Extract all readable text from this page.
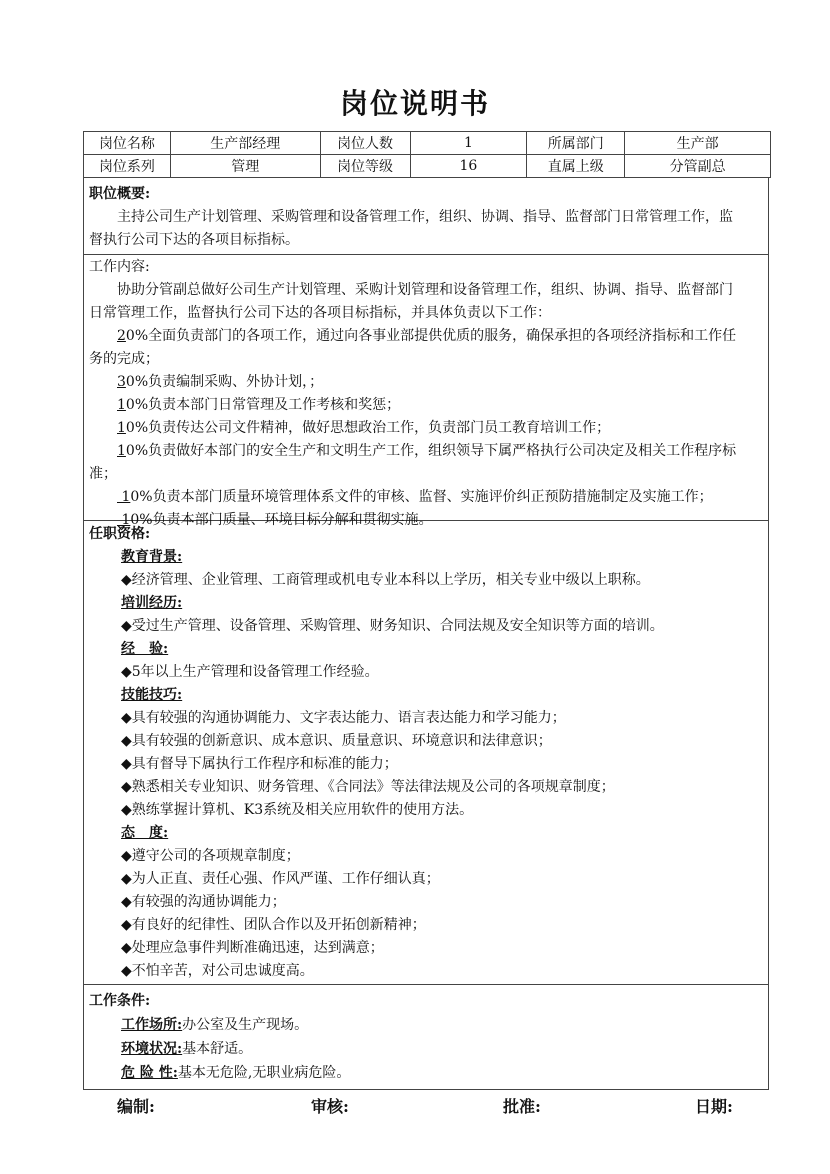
岗位说明书
岗位名称	生产部经理	岗位人数	1	所属部门	生产部
岗位系列	管理	岗位等级	16	直属上级	分管副总

职位概要:

主持公司生产计划管理、采购管理和设备管理工作，组织、协调、指导、监督部门日常管理工作，监

督执行公司下达的各项目标指标。

工作内容:

协助分管副总做好公司生产计划管理、采购计划管理和设备管理工作，组织、协调、指导、监督部门

日常管理工作，监督执行公司下达的各项目标指标，并具体负责以下工作：

20%全面负责部门的各项工作，通过向各事业部提供优质的服务，确保承担的各项经济指标和工作任

务的完成；

30%负责编制采购、外协计划，；

10%负责本部门日常管理及工作考核和奖惩；

10%负责传达公司文件精神，做好思想政治工作，负责部门员工教育培训工作；

10%负责做好本部门的安全生产和文明生产工作，组织领导下属严格执行公司决定及相关工作程序标

准；

10%负责本部门质量环境管理体系文件的审核、监督、实施评价纠正预防措施制定及实施工作；

10%负责本部门质量、环境目标分解和贯彻实施。

任职资格:

教育背景:

◆经济管理、企业管理、工商管理或机电专业本科以上学历，相关专业中级以上职称。

培训经历:

◆受过生产管理、设备管理、采购管理、财务知识、合同法规及安全知识等方面的培训。

经　验:

◆5年以上生产管理和设备管理工作经验。

技能技巧:

◆具有较强的沟通协调能力、文字表达能力、语言表达能力和学习能力；

◆具有较强的创新意识、成本意识、质量意识、环境意识和法律意识；

◆具有督导下属执行工作程序和标准的能力；

◆熟悉相关专业知识、财务管理、《合同法》等法律法规及公司的各项规章制度；

◆熟练掌握计算机、K3系统及相关应用软件的使用方法。

态　度:

◆遵守公司的各项规章制度；

◆为人正直、责任心强、作风严谨、工作仔细认真；

◆有较强的沟通协调能力；

◆有良好的纪律性、团队合作以及开拓创新精神；

◆处理应急事件判断准确迅速，达到满意；

◆不怕辛苦，对公司忠诚度高。

工作条件:

工作场所:办公室及生产现场。

环境状况:基本舒适。

危 险 性:基本无危险,无职业病危险。

编制:	审核:	批准:	日期:
